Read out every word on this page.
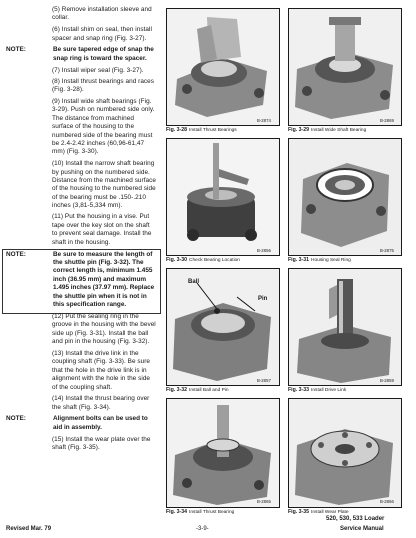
(5) Remove installation sleeve and collar.

(6) Install shim on seal, then install spacer and snap ring (Fig. 3-27).

NOTE:	Be sure tapered edge of snap the snap ring is toward the spacer.

(7) Install wiper seal (Fig. 3-27).

(8) Install thrust bearings and races (Fig. 3-28).

(9) Install wide shaft bearings (Fig. 3-29). Push on numbered side only. The distance from machined surface of the housing to the numbered side of the bearing must be 2.4-2.42 inches (60,96-61,47 mm) (Fig. 3-30).

(10) Install the narrow shaft bearing by pushing on the numbered side. Distance from the machined surface of the housing to the numbered side of the bearing must be .150-.210 inches (3,81-5,334 mm).

(11) Put the housing in a vise. Put tape over the key slot on the shaft to prevent seal damage. Install the shaft in the housing.

NOTE:	Be sure to measure the length of the shuttle pin (Fig. 3-32). The correct length is, minimum 1.455 inch (36.95 mm) and maximum 1.495 inches (37.97 mm). Replace the shuttle pin when it is not in this specification range.

(12) Put the sealing ring in the groove in the housing with the bevel side up (Fig. 3-31). Install the ball and pin in the housing (Fig. 3-32).

(13) Install the drive link in the coupling shaft (Fig. 3-33). Be sure that the hole in the drive link is in alignment with the hole in the side of the coupling shaft.

(14) Install the thrust bearing over the shaft (Fig. 3-34).

NOTE:	Alignment bolts can be used to aid in assembly.

(15) Install the wear plate over the shaft (Fig. 3-35).

B-2874
Fig. 3-28 Install Thrust Bearings
B-2869
Fig. 3-29 Install Wide Shaft Bearing
B-2856
Fig. 3-30 Check Bearing Location
B-2875
Fig. 3-31 Housing Seal Ring
Ball
Pin
B-2857
Fig. 3-32 Install Ball and Pin
B-2859
Fig. 3-33 Install Drive Link
B-2865
Fig. 3-34 Install Thrust Bearing
B-2866
Fig. 3-35 Install Wear Plate
Revised Mar. 79	-3-9-
520, 530, 533 Loader
Service Manual
